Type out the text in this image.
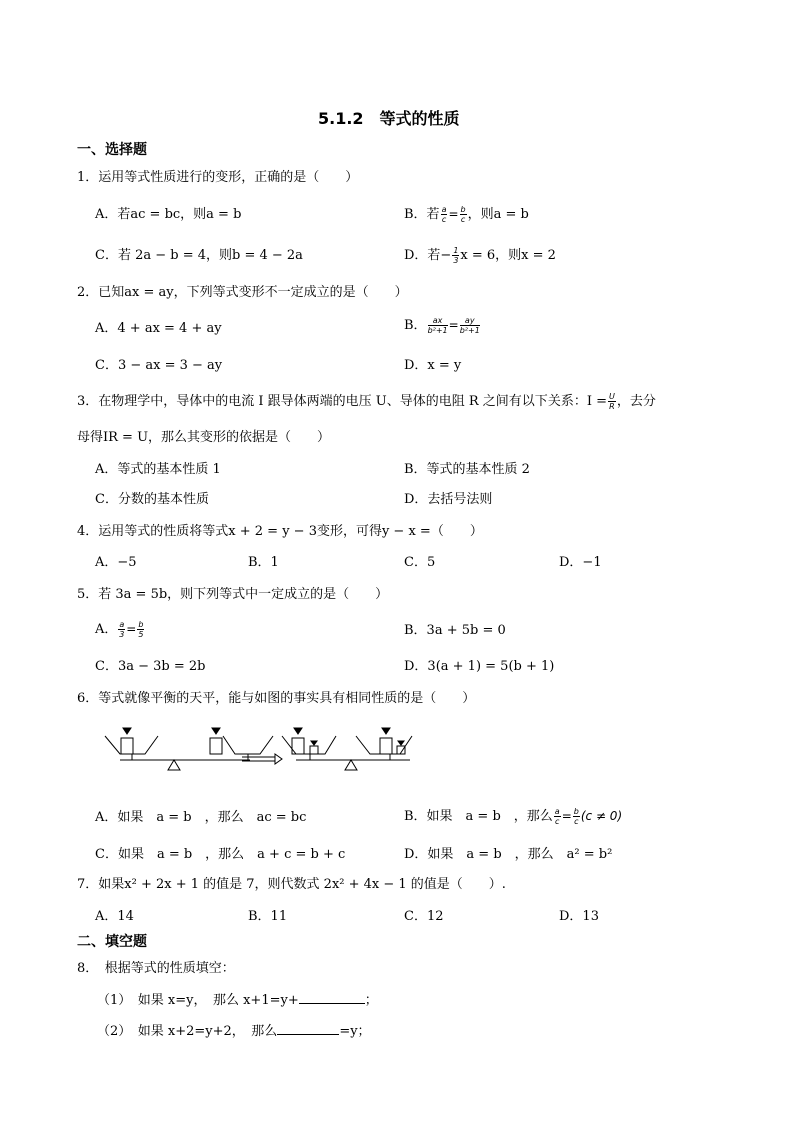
5.1.2　等式的性质
一、选择题
1．运用等式性质进行的变形，正确的是（　　）
A．若ac = bc，则a = b	B．若 $\frac{a}{c} = \frac{b}{c}$ ，则a = b
C．若 2a − b = 4，则b = 4 − 2a	D．若− $\frac{1}{3}$ x = 6，则x = 2
2．已知ax = ay，下列等式变形不一定成立的是（　　）
A．4 + ax = 4 + ay	B． $\frac{ax}{\text{b²+1}} = \frac{ay}{\text{b²+1}}$
C．3 − ax = 3 − ay	D．x = y
3．在物理学中，导体中的电流 I 跟导体两端的电压 U、导体的电阻 R 之间有以下关系：$I = \frac{U}{R}$ ，去分
母得IR = U，那么其变形的依据是（　　）
A．等式的基本性质 1	B．等式的基本性质 2
C．分数的基本性质	D．去括号法则
4．运用等式的性质将等式x + 2 = y − 3变形，可得y − x =（　　）
A．−5	B．1	C．5	D．−1
5．若 3a = 5b，则下列等式中一定成立的是（　　）
A． $\frac{a}{3} = \frac{b}{5}$	B．3a + 5b = 0
C．3a − 3b = 2b	D．3(a + 1) = 5(b + 1)
6．等式就像平衡的天平，能与如图的事实具有相同性质的是（　　）
A．如果　a = b　，那么　ac = bc	B．如果　a = b　，那么 $\frac{a}{c} = \frac{b}{c} (c \ne 0)$
C．如果　a = b　，那么　a + c = b + c	D．如果　a = b　，那么　a² = b²
7．如果x² + 2x + 1 的值是 7，则代数式 2x² + 4x − 1 的值是（　　）.
A．14	B．11	C．12	D．13
二、填空题
8．　根据等式的性质填空：
（1）　如果 x=y，　那么 x+1=y+	；
（2）　如果 x+2=y+2，　那么	=y；
